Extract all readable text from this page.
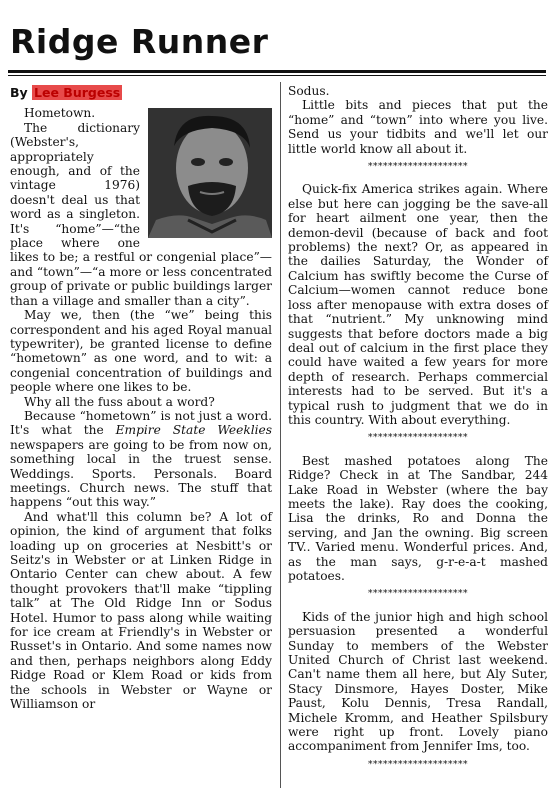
Ridge Runner
By Lee Burgess

Hometown.

The dictionary (Webster's, appropriately enough, and of the vintage 1976) doesn't deal us that word as a singleton. It's “home”—“the place where one likes to be; a restful or congenial place”—and “town”—“a more or less concentrated group of private or public buildings larger than a village and smaller than a city”.

May we, then (the “we” being this correspondent and his aged Royal manual typewriter), be granted license to define “hometown” as one word, and to wit: a congenial concentration of buildings and people where one likes to be.

Why all the fuss about a word?

Because “hometown” is not just a word. It's what the Empire State Weeklies newspapers are going to be from now on, something local in the truest sense. Weddings. Sports. Personals. Board meetings. Church news. The stuff that happens “out this way.”

And what'll this column be? A lot of opinion, the kind of argument that folks loading up on groceries at Nesbitt's or Seitz's in Webster or at Linken Ridge in Ontario Center can chew about. A few thought provokers that'll make “tippling talk” at The Old Ridge Inn or Sodus Hotel. Humor to pass along while waiting for ice cream at Friendly's in Webster or Russet's in Ontario. And some names now and then, perhaps neighbors along Eddy Ridge Road or Klem Road or kids from the schools in Webster or Wayne or Williamson or

Sodus.

Little bits and pieces that put the “home” and “town” into where you live. Send us your tidbits and we'll let our little world know all about it.

********************

Quick-fix America strikes again. Where else but here can jogging be the save-all for heart ailment one year, then the demon-devil (because of back and foot problems) the next? Or, as appeared in the dailies Saturday, the Wonder of Calcium has swiftly become the Curse of Calcium—women cannot reduce bone loss after menopause with extra doses of that “nutrient.” My unknowing mind suggests that before doctors made a big deal out of calcium in the first place they could have waited a few years for more depth of research. Perhaps commercial interests had to be served. But it's a typical rush to judgment that we do in this country. With about everything.

********************

Best mashed potatoes along The Ridge? Check in at The Sandbar, 244 Lake Road in Webster (where the bay meets the lake). Ray does the cooking, Lisa the drinks, Ro and Donna the serving, and Jan the owning. Big screen TV.. Varied menu. Wonderful prices. And, as the man says, g-r-e-a-t mashed potatoes.

********************

Kids of the junior high and high school persuasion presented a wonderful Sunday to members of the Webster United Church of Christ last weekend. Can't name them all here, but Aly Suter, Stacy Dinsmore, Hayes Doster, Mike Paust, Kolu Dennis, Tresa Randall, Michele Kromm, and Heather Spilsbury were right up front. Lovely piano accompaniment from Jennifer Ims, too.

********************
